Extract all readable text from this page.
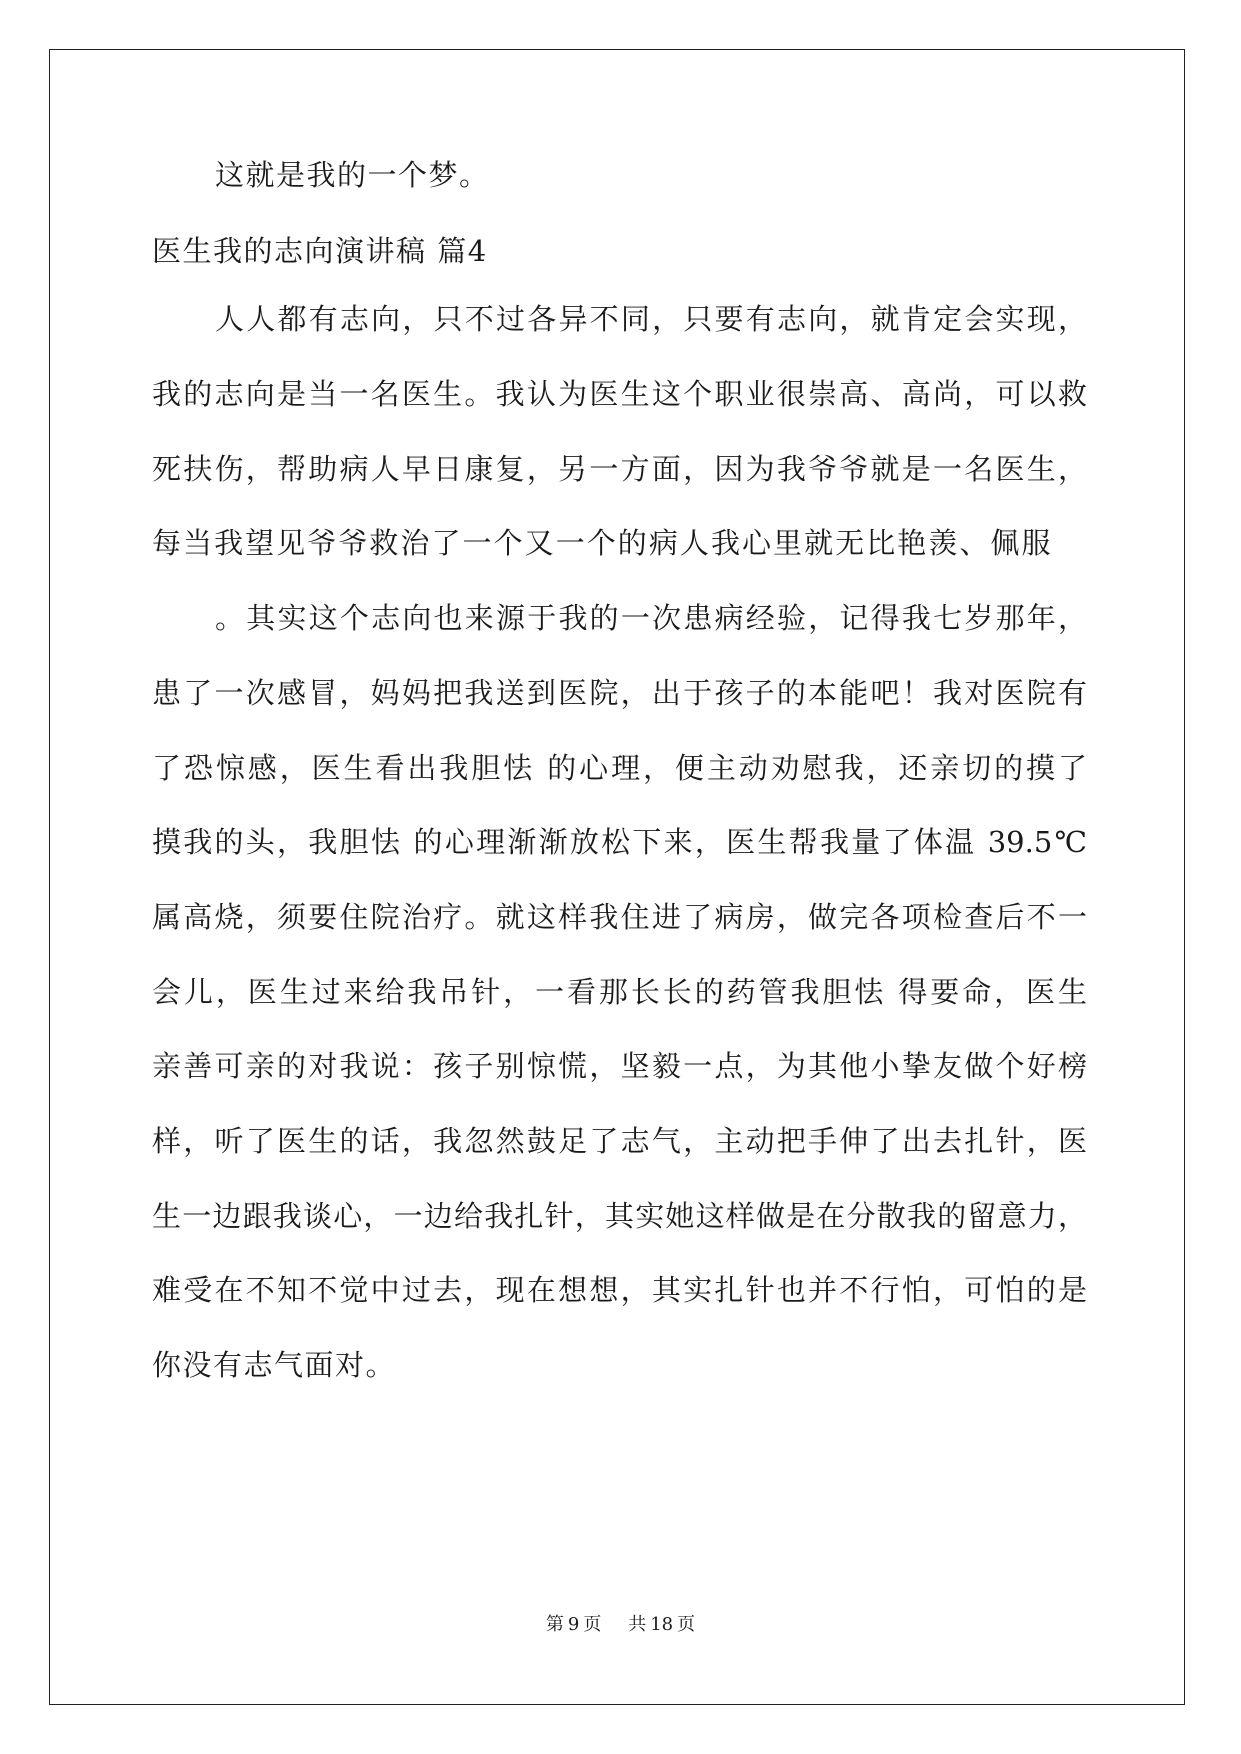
这就是我的一个梦。
医生我的志向演讲稿 篇4
人人都有志向，只不过各异不同，只要有志向，就肯定会实现，
我的志向是当一名医生。我认为医生这个职业很崇高、高尚，可以救
死扶伤，帮助病人早日康复，另一方面，因为我爷爷就是一名医生，
每当我望见爷爷救治了一个又一个的病人我心里就无比艳羡、佩服
。其实这个志向也来源于我的一次患病经验，记得我七岁那年，
患了一次感冒，妈妈把我送到医院，出于孩子的本能吧！我对医院有
了恐惊感，医生看出我胆怯 的心理，便主动劝慰我，还亲切的摸了
摸我的头，我胆怯 的心理渐渐放松下来，医生帮我量了体温 39.5℃
属高烧，须要住院治疗。就这样我住进了病房，做完各项检查后不一
会儿，医生过来给我吊针，一看那长长的药管我胆怯 得要命，医生
亲善可亲的对我说：孩子别惊慌，坚毅一点，为其他小挚友做个好榜
样，听了医生的话，我忽然鼓足了志气，主动把手伸了出去扎针，医
生一边跟我谈心，一边给我扎针，其实她这样做是在分散我的留意力，
难受在不知不觉中过去，现在想想，其实扎针也并不行怕，可怕的是
你没有志气面对。
第 9 页 共 18 页
